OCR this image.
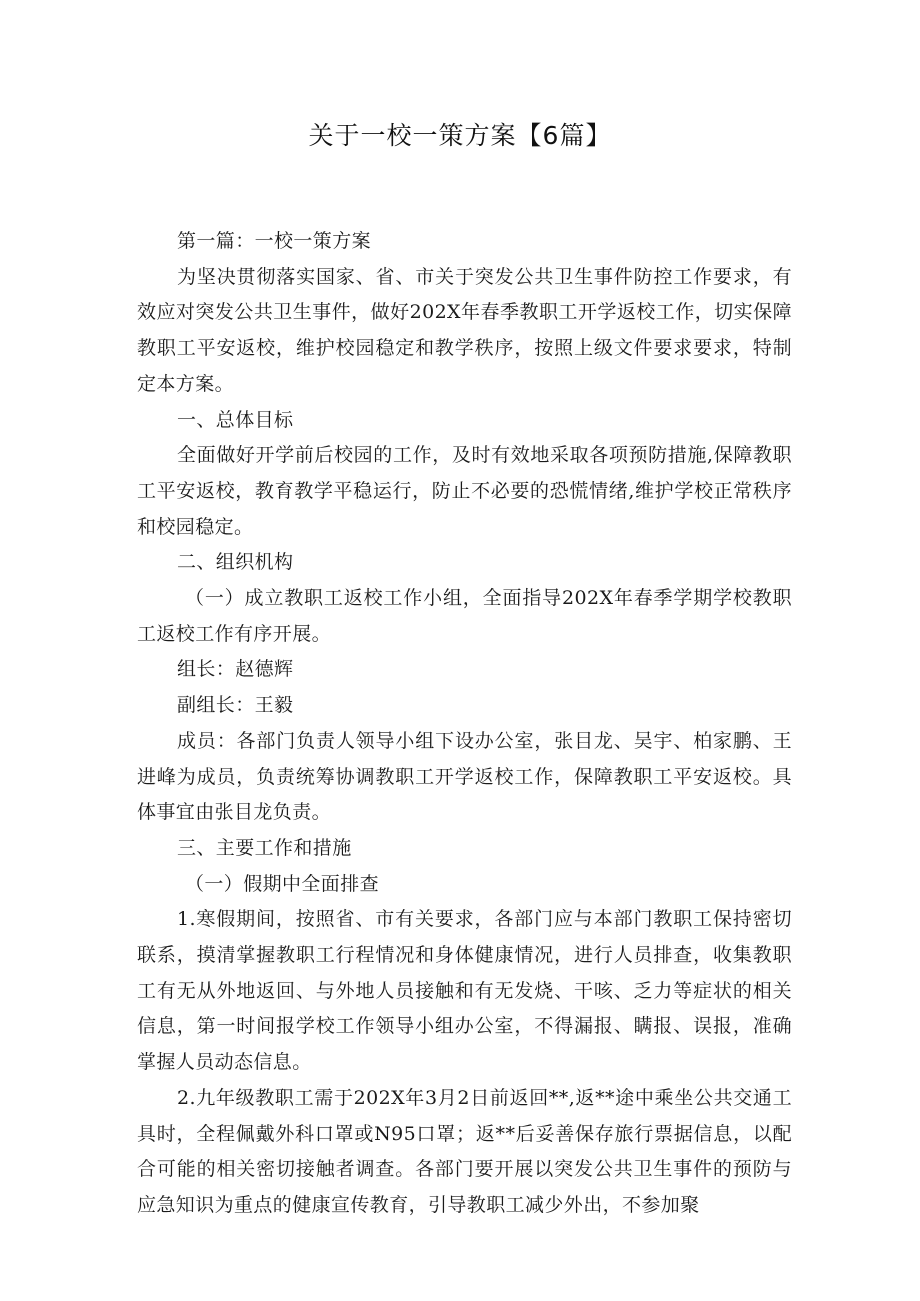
关于一校一策方案【6篇】

第一篇：一校一策方案

为坚决贯彻落实国家、省、市关于突发公共卫生事件防控工作要求，有效应对突发公共卫生事件，做好202X年春季教职工开学返校工作，切实保障教职工平安返校，维护校园稳定和教学秩序，按照上级文件要求要求，特制定本方案。

一、总体目标

全面做好开学前后校园的工作，及时有效地采取各项预防措施,保障教职工平安返校，教育教学平稳运行，防止不必要的恐慌情绪,维护学校正常秩序和校园稳定。

二、组织机构

（一）成立教职工返校工作小组，全面指导202X年春季学期学校教职工返校工作有序开展。

组长：赵德辉

副组长：王毅

成员：各部门负责人领导小组下设办公室，张目龙、吴宇、柏家鹏、王进峰为成员，负责统筹协调教职工开学返校工作，保障教职工平安返校。具体事宜由张目龙负责。

三、主要工作和措施

（一）假期中全面排查

1.寒假期间，按照省、市有关要求，各部门应与本部门教职工保持密切联系，摸清掌握教职工行程情况和身体健康情况，进行人员排查，收集教职工有无从外地返回、与外地人员接触和有无发烧、干咳、乏力等症状的相关信息，第一时间报学校工作领导小组办公室，不得漏报、瞒报、误报，准确掌握人员动态信息。

2.九年级教职工需于202X年3月2日前返回**,返**途中乘坐公共交通工具时，全程佩戴外科口罩或N95口罩；返**后妥善保存旅行票据信息，以配合可能的相关密切接触者调查。各部门要开展以突发公共卫生事件的预防与应急知识为重点的健康宣传教育，引导教职工减少外出，不参加聚
